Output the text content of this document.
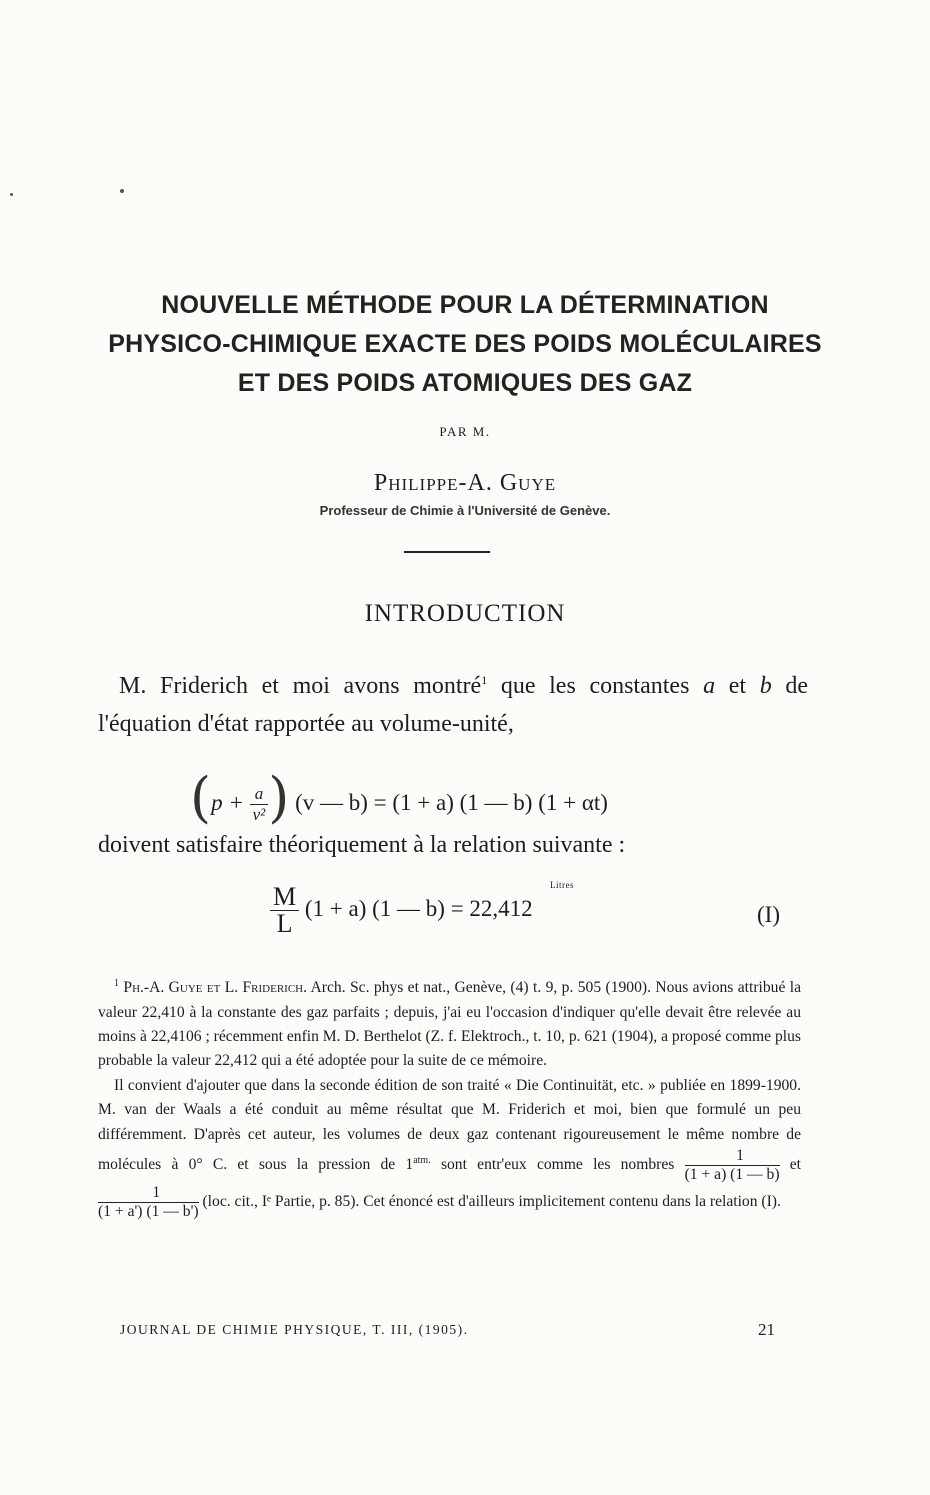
NOUVELLE MÉTHODE POUR LA DÉTERMINATION
PHYSICO-CHIMIQUE EXACTE DES POIDS MOLÉCULAIRES
ET DES POIDS ATOMIQUES DES GAZ
PAR M.
Philippe-A. Guye
Professeur de Chimie à l'Université de Genève.
INTRODUCTION
M. Friderich et moi avons montré$^1$ que les constantes a et b de l'équation d'état rapportée au volume-unité,
($p + \frac{a}{\text{v²}}$ ) (v — b) = (1 + a) (1 — b) (1 + αt)
doivent satisfaire théoriquement à la relation suivante :
Litres
$\frac{M}{L} (1 + a)$ (1 — b) = 22,412	(I)

$^1$ Ph.-A. Guye et L. Friderich. Arch. Sc. phys et nat., Genève, (4) t. 9, p. 505 (1900). Nous avions attribué la valeur 22,410 à la constante des gaz parfaits ; depuis, j'ai eu l'occasion d'indiquer qu'elle devait être relevée au moins à 22,4106 ; récemment enfin M. D. Berthelot (Z. f. Elektroch., t. 10, p. 621 (1904), a proposé comme plus probable la valeur 22,412 qui a été adoptée pour la suite de ce mémoire.

Il convient d'ajouter que dans la seconde édition de son traité « Die Continuität, etc. » publiée en 1899-1900. M. van der Waals a été conduit au même résultat que M. Friderich et moi, bien que formulé un peu différemment. D'après cet auteur, les volumes de deux gaz contenant rigoureusement le même nombre de molécules à 0° C. et sous la pression de $1^{atm.}$ sont entr'eux comme les nombres $\frac{1}{(1 + a) (1 — b)}$ et
$\frac{1}{(1 + a') (1 — b')} (loc$. cit., Iᵉ Partie, p. 85). Cet énoncé est d'ailleurs implicitement contenu dans la relation (I).

JOURNAL DE CHIMIE PHYSIQUE, T. III, (1905).	21
